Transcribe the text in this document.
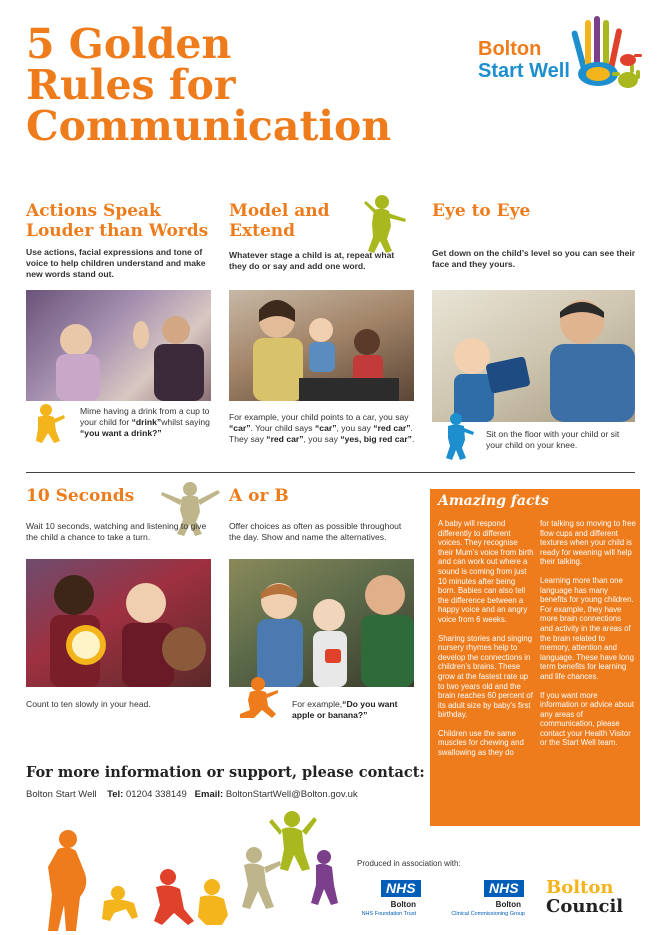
5 Golden
Rules for
Communication
Bolton
Start Well
Actions Speak
Louder than Words

Use actions, facial expressions and tone of voice to help children understand and make new words stand out.

Mime having a drink from a cup to your child for “drink”whilst saying “you want a drink?”

Model and
Extend

Whatever stage a child is at, repeat what they do or say and add one word.

For example, your child points to a car, you say “car”. Your child says “car”, you say “red car”. They say “red car”, you say “yes, big red car”.

Eye to Eye

Get down on the child’s level so you can see their face and they yours.

Sit on the floor with your child or sit your child on your knee.

10 Seconds

Wait 10 seconds, watching and listening to give the child a chance to take a turn.

Count to ten slowly in your head.

A or B

Offer choices as often as possible throughout the day. Show and name the alternatives.

For example,“Do you want apple or banana?”

Amazing facts

A baby will respond differently to different voices. They recognise their Mum’s voice from birth and can work out where a sound is coming from just 10 minutes after being born. Babies can also tell the difference between a happy voice and an angry voice from 6 weeks.

Sharing stories and singing nursery rhymes help to develop the connections in children’s brains. These grow at the fastest rate up to two years old and the brain reaches 60 percent of its adult size by baby’s first birthday.

Children use the same muscles for chewing and swallowing as they do

for talking so moving to free flow cups and different textures when your child is ready for weaning will help their talking.

Learning more than one language has many benefits for young children. For example, they have more brain connections and activity in the areas of the brain related to memory, attention and language. These have long term benefits for learning and life chances.

If you want more information or advice about any areas of communication, please contact your Health Visitor or the Start Well team.

For more information or support, please contact:
Bolton Start Well Tel: 01204 338149 Email: BoltonStartWell@Bolton.gov.uk
Produced in association with:
NHS
Bolton
NHS Foundation Trust
NHS
Bolton
Clinical Commissioning Group
Bolton
Council
